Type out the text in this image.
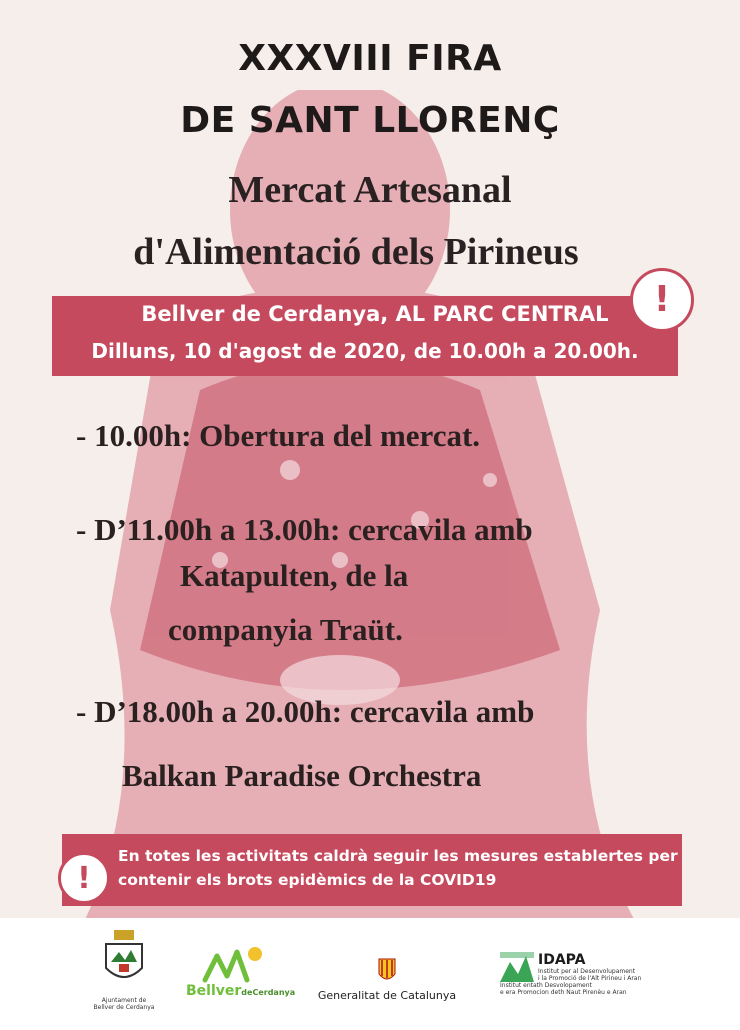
XXXVIII FIRA
DE SANT LLORENÇ
Mercat Artesanal
d'Alimentació dels Pirineus
Bellver de Cerdanya, AL PARC CENTRAL
Dilluns, 10 d'agost de 2020, de 10.00h a 20.00h.
!
- 10.00h: Obertura del mercat.
- D’11.00h a 13.00h: cercavila amb
Katapulten, de la
companyia Traüt.
- D’18.00h a 20.00h: cercavila amb
Balkan Paradise Orchestra
En totes les activitats caldrà seguir les mesures establertes per
contenir els brots epidèmics de la COVID19
!
Ajuntament de
Bellver de Cerdanya
BellverdeCerdanya	Generalitat de Catalunya
IDAPA
Institut per al Desenvolupament
i la Promoció de l'Alt Pirineu i Aran
Institut entath Desvolopament
e era Promocion deth Naut Pirenèu e Aran
